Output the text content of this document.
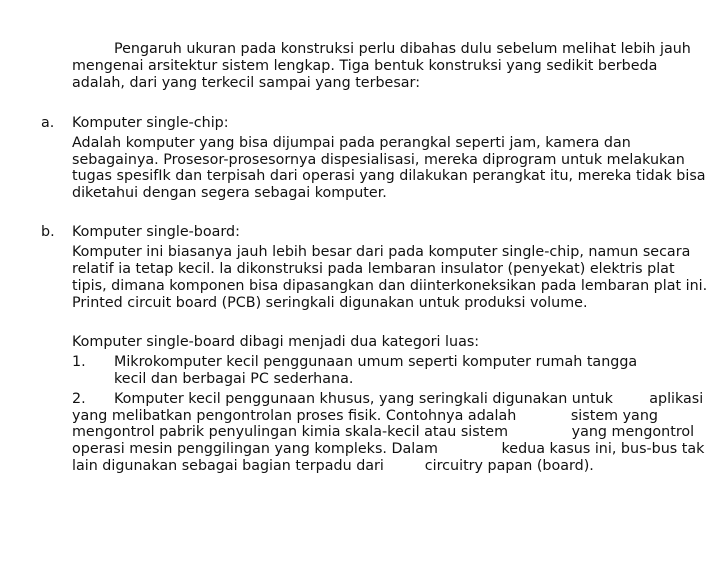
Pengaruh ukuran pada konstruksi perlu dibahas dulu sebelum melihat lebih jauh
mengenai arsitektur sistem lengkap. Tiga bentuk konstruksi yang sedikit berbeda
adalah, dari yang terkecil sampai yang terbesar:
a. Komputer single-chip:
Adalah komputer yang bisa dijumpai pada perangkal seperti jam, kamera dan
sebagainya. Prosesor-prosesornya dispesialisasi, mereka diprogram untuk melakukan
tugas spesifIk dan terpisah dari operasi yang dilakukan perangkat itu, mereka tidak bisa
diketahui dengan segera sebagai komputer.
b. Komputer single-board:
Komputer ini biasanya jauh lebih besar dari pada komputer single-chip, namun secara
relatif ia tetap kecil. la dikonstruksi pada lembaran insulator (penyekat) elektris plat
tipis, dimana komponen bisa dipasangkan dan diinterkoneksikan pada lembaran plat ini.
Printed circuit board (PCB) seringkali digunakan untuk produksi volume.
Komputer single-board dibagi menjadi dua kategori luas:
1. Mikrokomputer kecil penggunaan umum seperti komputer rumah tangga
kecil dan berbagai PC sederhana.
2. Komputer kecil penggunaan khusus, yang seringkali digunakan untuk        aplikasi
yang melibatkan pengontrolan proses fisik. Contohnya adalah            sistem yang
mengontrol pabrik penyulingan kimia skala-kecil atau sistem              yang mengontrol
operasi mesin penggilingan yang kompleks. Dalam              kedua kasus ini, bus-bus tak
lain digunakan sebagai bagian terpadu dari         circuitry papan (board).
